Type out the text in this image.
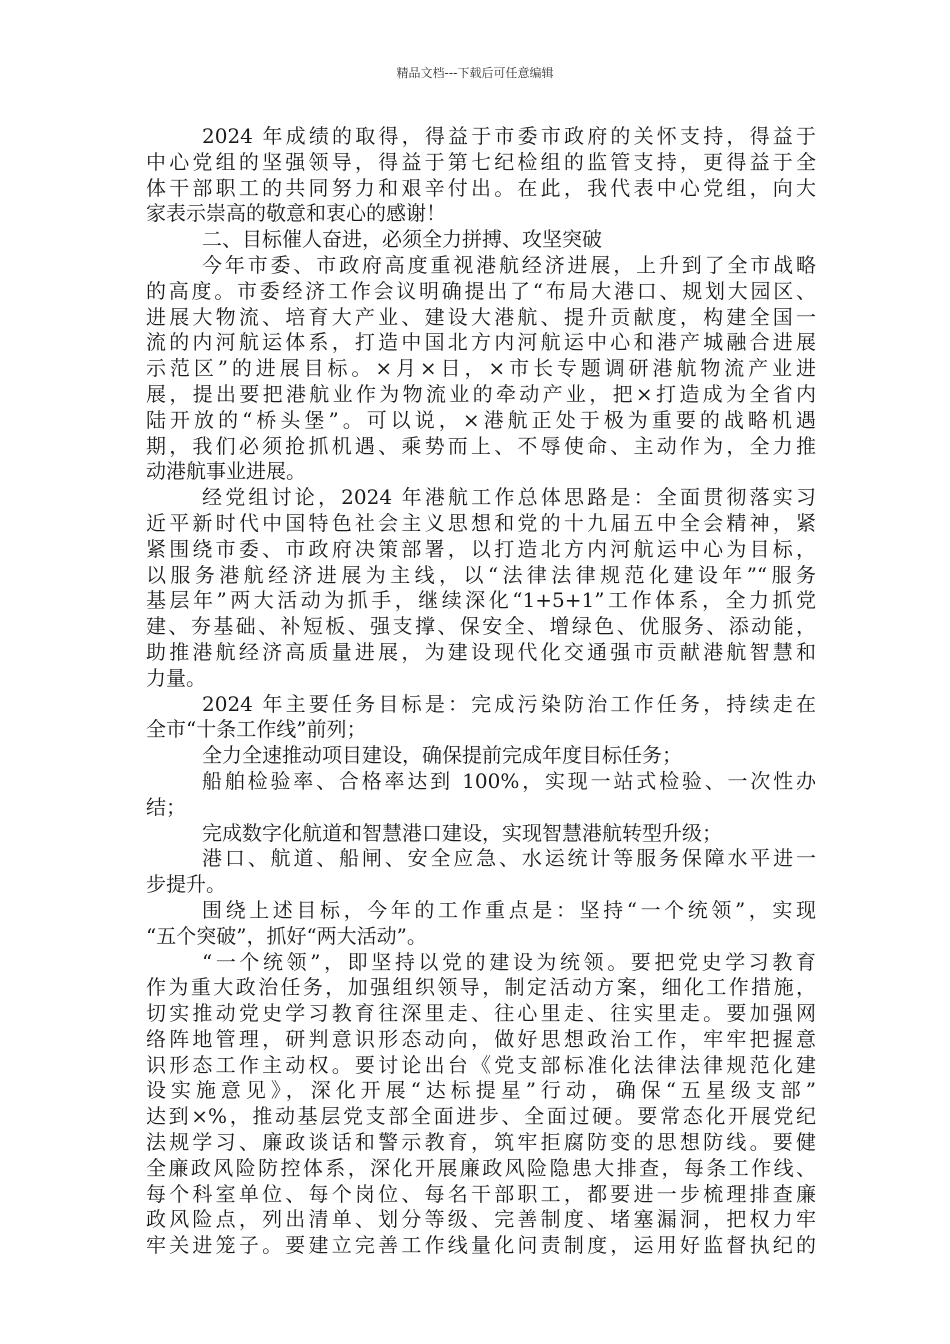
精品文档---下载后可任意编辑
2024 年成绩的取得，得益于市委市政府的关怀支持，得益于
中心党组的坚强领导，得益于第七纪检组的监管支持，更得益于全
体干部职工的共同努力和艰辛付出。在此，我代表中心党组，向大
家表示崇高的敬意和衷心的感谢！
二、目标催人奋进，必须全力拼搏、攻坚突破
今年市委、市政府高度重视港航经济进展，上升到了全市战略
的高度。市委经济工作会议明确提出了“布局大港口、规划大园区、
进展大物流、培育大产业、建设大港航、提升贡献度，构建全国一
流的内河航运体系，打造中国北方内河航运中心和港产城融合进展
示范区”的进展目标。×月×日，×市长专题调研港航物流产业进
展，提出要把港航业作为物流业的牵动产业，把×打造成为全省内
陆开放的“桥头堡”。可以说，×港航正处于极为重要的战略机遇
期，我们必须抢抓机遇、乘势而上、不辱使命、主动作为，全力推
动港航事业进展。
经党组讨论，2024 年港航工作总体思路是：全面贯彻落实习
近平新时代中国特色社会主义思想和党的十九届五中全会精神，紧
紧围绕市委、市政府决策部署，以打造北方内河航运中心为目标，
以服务港航经济进展为主线，以“法律法律规范化建设年”“服务
基层年”两大活动为抓手，继续深化“1+5+1”工作体系，全力抓党
建、夯基础、补短板、强支撑、保安全、增绿色、优服务、添动能，
助推港航经济高质量进展，为建设现代化交通强市贡献港航智慧和
力量。
2024 年主要任务目标是：完成污染防治工作任务，持续走在
全市“十条工作线”前列；
全力全速推动项目建设，确保提前完成年度目标任务；
船舶检验率、合格率达到 100%，实现一站式检验、一次性办
结；
完成数字化航道和智慧港口建设，实现智慧港航转型升级；
港口、航道、船闸、安全应急、水运统计等服务保障水平进一
步提升。
围绕上述目标，今年的工作重点是：坚持“一个统领”，实现
“五个突破”，抓好“两大活动”。
“一个统领”，即坚持以党的建设为统领。要把党史学习教育
作为重大政治任务，加强组织领导，制定活动方案，细化工作措施，
切实推动党史学习教育往深里走、往心里走、往实里走。要加强网
络阵地管理，研判意识形态动向，做好思想政治工作，牢牢把握意
识形态工作主动权。要讨论出台《党支部标准化法律法律规范化建
设实施意见》，深化开展“达标提星”行动，确保“五星级支部”
达到×%，推动基层党支部全面进步、全面过硬。要常态化开展党纪
法规学习、廉政谈话和警示教育，筑牢拒腐防变的思想防线。要健
全廉政风险防控体系，深化开展廉政风险隐患大排查，每条工作线、
每个科室单位、每个岗位、每名干部职工，都要进一步梳理排查廉
政风险点，列出清单、划分等级、完善制度、堵塞漏洞，把权力牢
牢关进笼子。要建立完善工作线量化问责制度，运用好监督执纪的
